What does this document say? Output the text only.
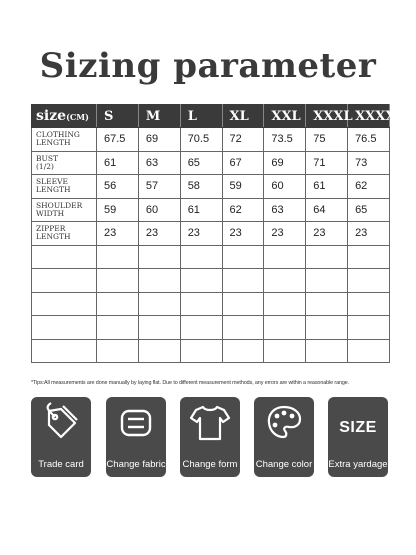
Sizing parameter
size(CM)	S	M	L	XL	XXL	XXXL	XXXXL

CLOTHING
LENGTH	67.5	69	70.5	72	73.5	75	76.5

BUST
(1/2)	61	63	65	67	69	71	73

SLEEVE
LENGTH	56	57	58	59	60	61	62

SHOULDER
WIDTH	59	60	61	62	63	64	65

ZIPPER
LENGTH	23	23	23	23	23	23	23

*Tips:All measurements are done manually by laying flat. Due to different measurement methods, any errors are within a reasonable range.
Trade card	Change fabric	Change form	Change color
SIZE
Extra yardage
